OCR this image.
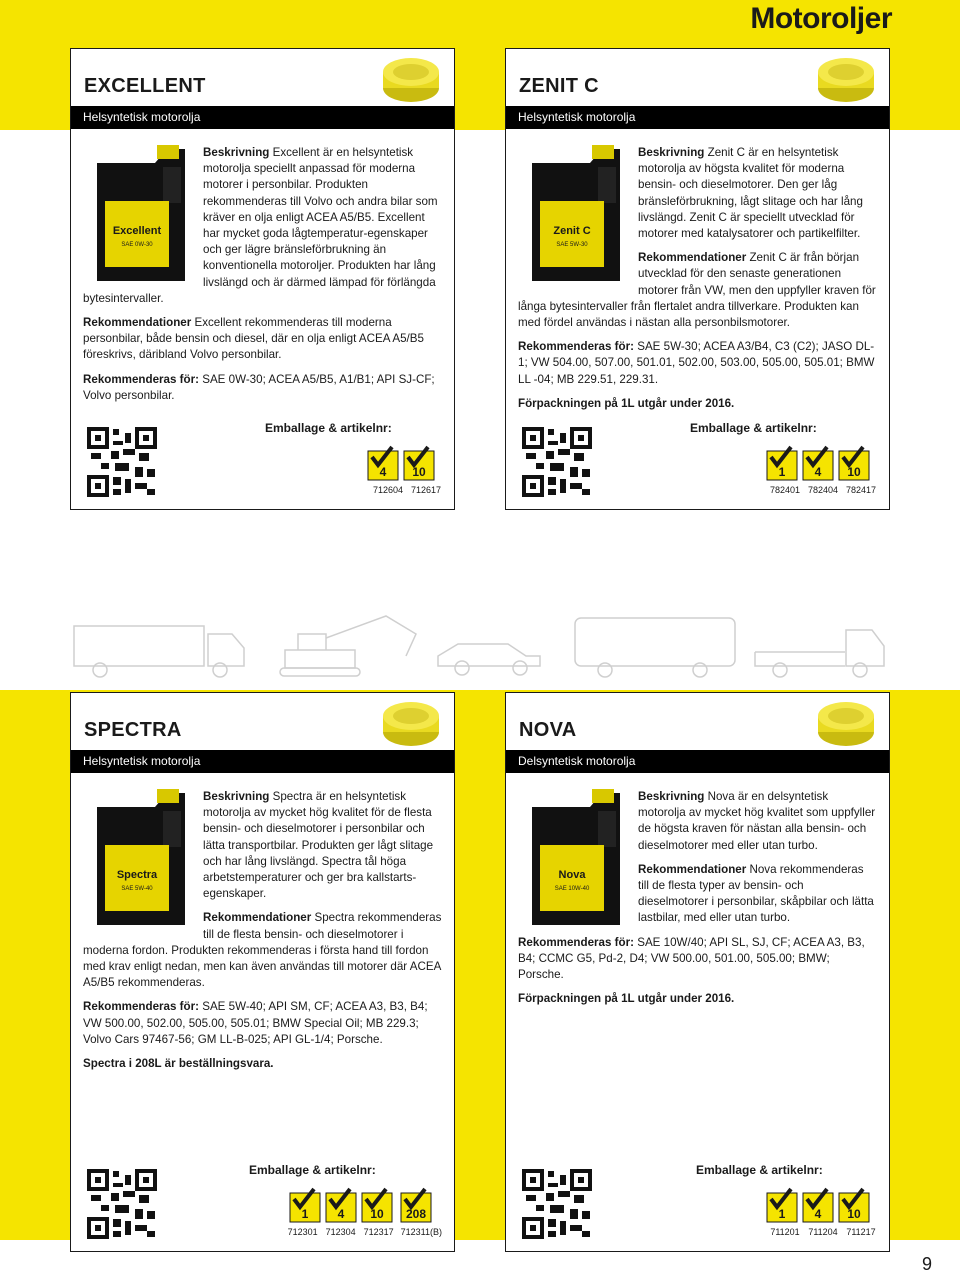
Motoroljer
EXCELLENT
Helsyntetisk motorolja
Excellent
SAE 0W-30

Beskrivning Excellent är en helsyntetisk motorolja speciellt anpassad för moderna motorer i personbilar. Produkten rekommenderas till Volvo och andra bilar som kräver en olja enligt ACEA A5/B5. Excellent har mycket goda lågtemperatur-egenskaper och ger lägre bränsleförbrukning än konventionella motoroljer. Produkten har lång livslängd och är därmed lämpad för förlängda bytesintervaller.

Rekommendationer Excellent rekommenderas till moderna personbilar, både bensin och diesel, där en olja enligt ACEA A5/B5 föreskrivs, däribland Volvo personbilar.

Rekommenderas för: SAE 0W-30; ACEA A5/B5, A1/B1; API SJ-CF; Volvo personbilar.

Emballage & artikelnr:
4	10
712604 712617
ZENIT C
Helsyntetisk motorolja
Zenit C
SAE 5W-30

Beskrivning Zenit C är en helsyntetisk motorolja av högsta kvalitet för moderna bensin- och dieselmotorer. Den ger låg bränsleförbrukning, lågt slitage och har lång livslängd. Zenit C är speciellt utvecklad för motorer med katalysatorer och partikelfilter.

Rekommendationer Zenit C är från början utvecklad för den senaste generationen motorer från VW, men den uppfyller kraven för långa bytesintervaller från flertalet andra tillverkare. Produkten kan med fördel användas i nästan alla personbilsmotorer.

Rekommenderas för: SAE 5W-30; ACEA A3/B4, C3 (C2); JASO DL-1; VW 504.00, 507.00, 501.01, 502.00, 503.00, 505.00, 505.01; BMW LL -04; MB 229.51, 229.31.

Förpackningen på 1L utgår under 2016.

Emballage & artikelnr:
1	4	10
782401 782404 782417
SPECTRA
Helsyntetisk motorolja
Spectra
SAE 5W-40

Beskrivning Spectra är en helsyntetisk motorolja av mycket hög kvalitet för de flesta bensin- och dieselmotorer i personbilar och lätta transportbilar. Produkten ger lågt slitage och har lång livslängd. Spectra tål höga arbetstemperaturer och ger bra kallstarts-egenskaper.

Rekommendationer Spectra rekommenderas till de flesta bensin- och dieselmotorer i moderna fordon. Produkten rekommenderas i första hand till fordon med krav enligt nedan, men kan även användas till motorer där ACEA A5/B5 rekommenderas.

Rekommenderas för: SAE 5W-40; API SM, CF; ACEA A3, B3, B4; VW 500.00, 502.00, 505.00, 505.01; BMW Special Oil; MB 229.3; Volvo Cars 97467-56; GM LL-B-025; API GL-1/4; Porsche.

Spectra i 208L är beställningsvara.

Emballage & artikelnr:
1	4	10	208
712301 712304 712317 712311(B)
NOVA
Delsyntetisk motorolja
Nova
SAE 10W-40

Beskrivning Nova är en delsyntetisk motorolja av mycket hög kvalitet som uppfyller de högsta kraven för nästan alla bensin- och dieselmotorer med eller utan turbo.

Rekommendationer Nova rekommenderas till de flesta typer av bensin- och dieselmotorer i personbilar, skåpbilar och lätta lastbilar, med eller utan turbo.

Rekommenderas för: SAE 10W/40; API SL, SJ, CF; ACEA A3, B3, B4; CCMC G5, Pd-2, D4; VW 500.00, 501.00, 505.00; BMW; Porsche.

Förpackningen på 1L utgår under 2016.

Emballage & artikelnr:
1	4	10
711201 711204 711217
9
